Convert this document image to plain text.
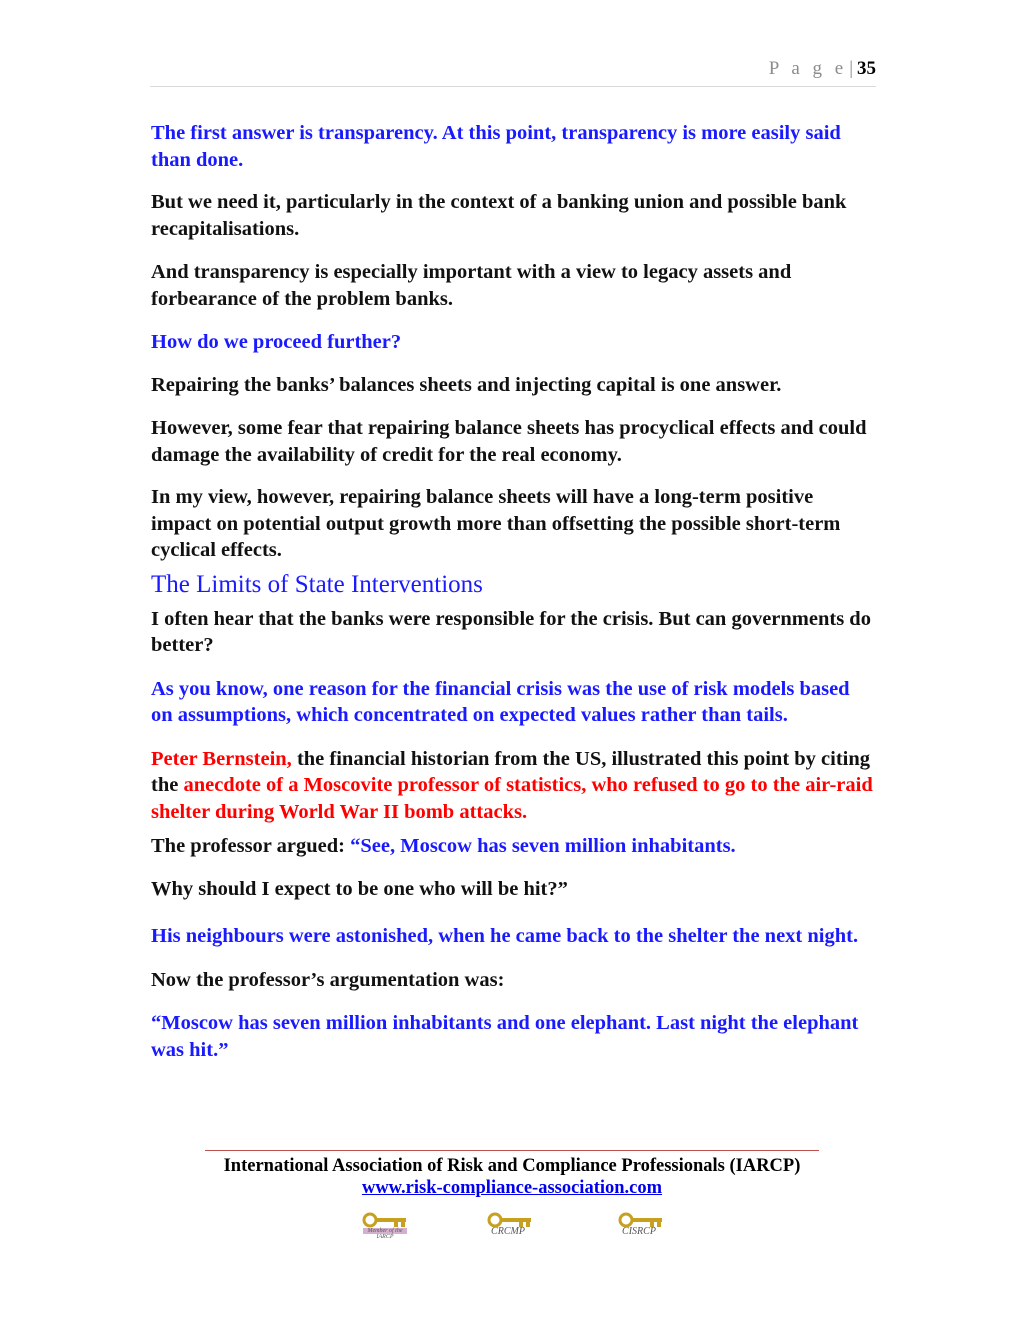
P a g e | 35

The first answer is transparency. At this point, transparency is more easily said than done.

But we need it, particularly in the context of a banking union and possible bank recapitalisations.

And transparency is especially important with a view to legacy assets and forbearance of the problem banks.

How do we proceed further?

Repairing the banks’ balances sheets and injecting capital is one answer.

However, some fear that repairing balance sheets has procyclical effects and could damage the availability of credit for the real economy.

In my view, however, repairing balance sheets will have a long-term positive impact on potential output growth more than offsetting the possible short-term cyclical effects.

The Limits of State Interventions

I often hear that the banks were responsible for the crisis. But can governments do better?

As you know, one reason for the financial crisis was the use of risk models based on assumptions, which concentrated on expected values rather than tails.

Peter Bernstein, the financial historian from the US, illustrated this point by citing the anecdote of a Moscovite professor of statistics, who refused to go to the air-raid shelter during World War II bomb attacks.

The professor argued: “See, Moscow has seven million inhabitants.

Why should I expect to be one who will be hit?”

His neighbours were astonished, when he came back to the shelter the next night.

Now the professor’s argumentation was:

“Moscow has seven million inhabitants and one elephant. Last night the elephant was hit.”

International Association of Risk and Compliance Professionals (IARCP)
www.risk-compliance-association.com
Member of the IARCP	CRCMP	CISRCP
